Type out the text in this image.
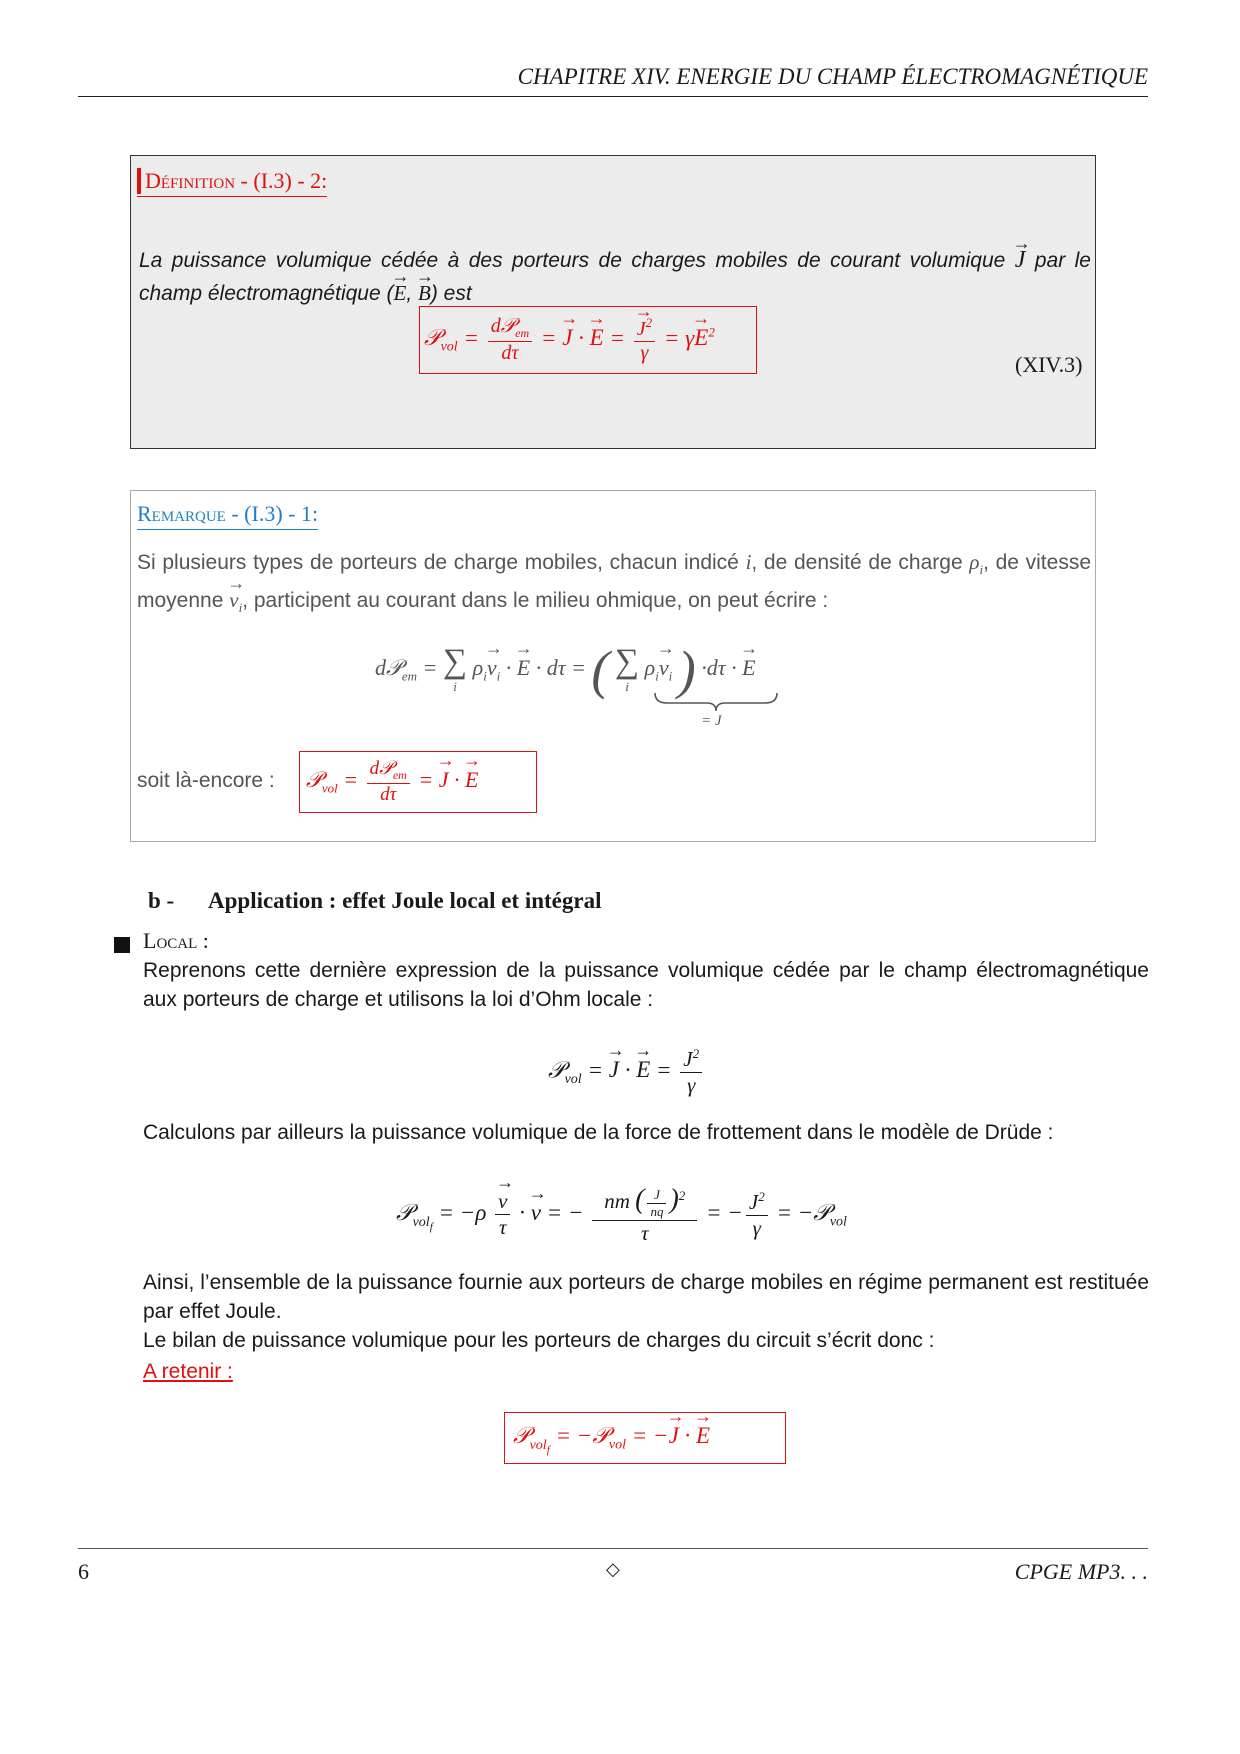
CHAPITRE XIV. ENERGIE DU CHAMP ÉLECTROMAGNÉTIQUE
Définition - (I.3) - 2:
La puissance volumique cédée à des porteurs de charges mobiles de courant volumique → J par le champ électromagnétique (→ E, → B) est
𝒫$_{vol}$ = $\frac{d𝒫_{em}}{d\tau}$ = → J · → E =
→ $\frac{J^2}{\gamma} = \gamma\to E^2$
(XIV.3)
Remarque - (I.3) - 1:
Si plusieurs types de porteurs de charge mobiles, chacun indicé i, de densité de charge $\rho_i$, de vitesse moyenne → $v_i$, participent au courant dans le milieu ohmique, on peut écrire :
d𝒫$_{em}$ = ∑
i
$\rho_i\to v_i$ · → E · dτ = ( ∑
i
$\rho_i\to v_i$ ) ·dτ · → E
= J
soit là-encore : 𝒫$_{vol}$ = $\frac{d𝒫_{em}}{d\tau}$ = → J · → E
b - Application : effet Joule local et intégral
Local :
Reprenons cette dernière expression de la puissance volumique cédée par le champ électromagnétique aux porteurs de charge et utilisons la loi d’Ohm locale :
𝒫$_{vol}$ = → J · → $E = \frac{J^2}{\gamma}$
Calculons par ailleurs la puissance volumique de la force de frottement dans le modèle de Drüde :
𝒫$_{vol_f}$ = −ρ
→ $\frac{v}{\tau}$ · → v = − $\frac{nm ( \frac{J}{nq} )^2}{\tau}$ = − $\frac{J^2}{\gamma}$ = −𝒫$_{vol}$
Ainsi, l’ensemble de la puissance fournie aux porteurs de charge mobiles en régime permanent est restituée par effet Joule.
Le bilan de puissance volumique pour les porteurs de charges du circuit s’écrit donc :
A retenir :
𝒫$_{vol_f}$ = −𝒫$_{vol}$ = −→ J · → E
6	◇	CPGE MP3. . .
